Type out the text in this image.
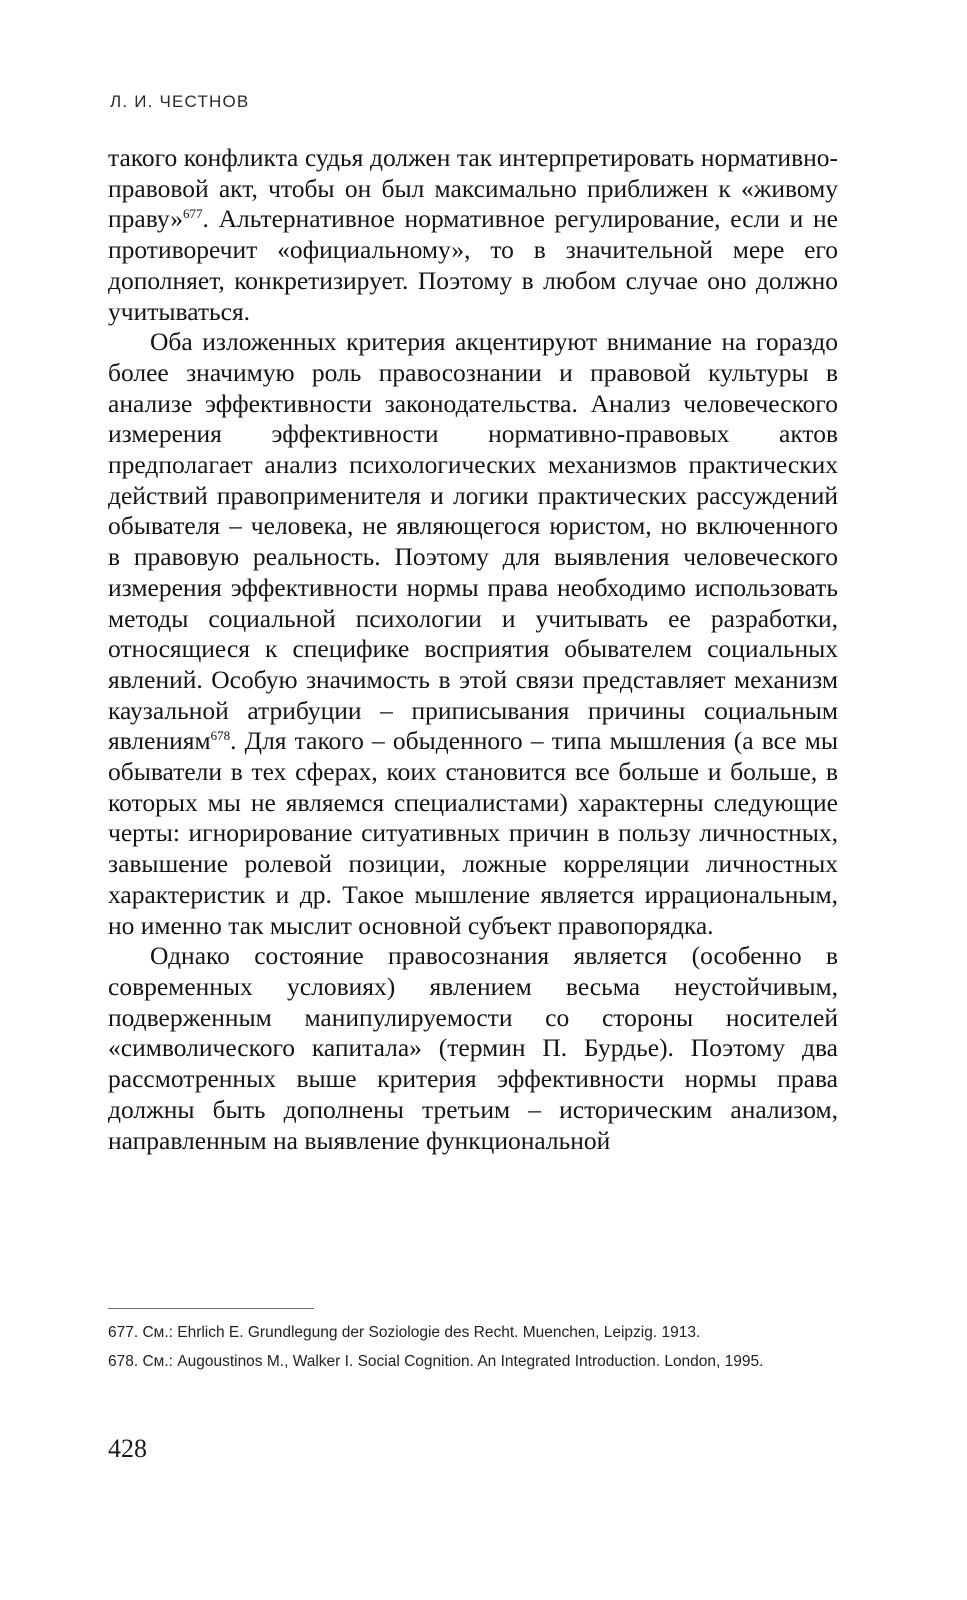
Л. И. ЧЕСТНОВ

такого конфликта судья должен так интерпретировать нормативно-правовой акт, чтобы он был максимально приближен к «живому праву»$^{677}$. Альтернативное нормативное регулирование, если и не противоречит «официальному», то в значительной мере его дополняет, конкретизирует. Поэтому в любом случае оно должно учитываться.

Оба изложенных критерия акцентируют внимание на гораздо более значимую роль правосознании и правовой культуры в анализе эффективности законодательства. Анализ человеческого измерения эффективности нормативно-правовых актов предполагает анализ психологических механизмов практических действий правоприменителя и логики практических рассуждений обывателя – человека, не являющегося юристом, но включенного в правовую реальность. Поэтому для выявления человеческого измерения эффективности нормы права необходимо использовать методы социальной психологии и учитывать ее разработки, относящиеся к специфике восприятия обывателем социальных явлений. Особую значимость в этой связи представляет механизм каузальной атрибуции – приписывания причины социальным явлениям$^{678}$. Для такого – обыденного – типа мышления (а все мы обыватели в тех сферах, коих становится все больше и больше, в которых мы не являемся специалистами) характерны следующие черты: игнорирование ситуативных причин в пользу личностных, завышение ролевой позиции, ложные корреляции личностных характеристик и др. Такое мышление является иррациональным, но именно так мыслит основной субъект правопорядка.

Однако состояние правосознания является (особенно в современных условиях) явлением весьма неустойчивым, подверженным манипулируемости со стороны носителей «символического капитала» (термин П. Бурдье). Поэтому два рассмотренных выше критерия эффективности нормы права должны быть дополнены третьим – историческим анализом, направленным на выявление функциональной

677. См.: Ehrlich E. Grundlegung der Soziologie des Recht. Muenchen, Leipzig. 1913.

678. См.: Augoustinos M., Walker I. Social Cognition. An Integrated Introduction. London, 1995.

428
